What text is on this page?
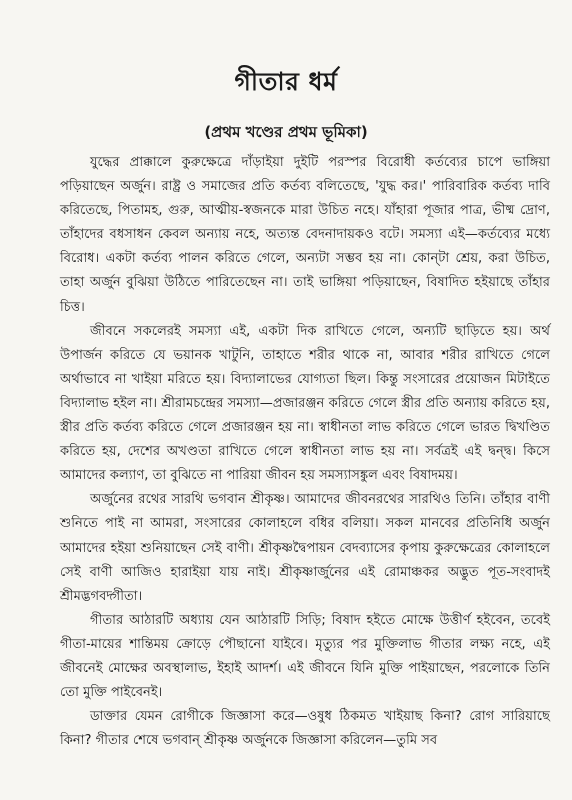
গীতার ধর্ম
(প্রথম খণ্ডের প্রথম ভূমিকা)

যুদ্ধের প্রাক্কালে কুরুক্ষেত্রে দাঁড়াইয়া দুইটি পরস্পর বিরোধী কর্তব্যের চাপে ভাঙ্গিয়া পড়িয়াছেন অর্জুন। রাষ্ট্র ও সমাজের প্রতি কর্তব্য বলিতেছে, 'যুদ্ধ কর।' পারিবারিক কর্তব্য দাবি করিতেছে, পিতামহ, গুরু, আত্মীয়-স্বজনকে মারা উচিত নহে। যাঁহারা পূজার পাত্র, ভীষ্ম দ্রোণ, তাঁহাদের বধসাধন কেবল অন্যায় নহে, অত্যন্ত বেদনাদায়কও বটে। সমস্যা এই—কর্তব্যের মধ্যে বিরোধ। একটা কর্তব্য পালন করিতে গেলে, অন্যটা সম্ভব হয় না। কোন্‌টা শ্রেয়, করা উচিত, তাহা অর্জুন বুঝিয়া উঠিতে পারিতেছেন না। তাই ভাঙ্গিয়া পড়িয়াছেন, বিষাদিত হইয়াছে তাঁহার চিত্ত।

জীবনে সকলেরই সমস্যা এই, একটা দিক রাখিতে গেলে, অন্যটি ছাড়িতে হয়। অর্থ উপার্জন করিতে যে ভয়ানক খাটুনি, তাহাতে শরীর থাকে না, আবার শরীর রাখিতে গেলে অর্থাভাবে না খাইয়া মরিতে হয়। বিদ্যালাভের যোগ্যতা ছিল। কিন্তু সংসারের প্রয়োজন মিটাইতে বিদ্যালাভ হইল না। শ্রীরামচন্দ্রের সমস্যা—প্রজারঞ্জন করিতে গেলে স্ত্রীর প্রতি অন্যায় করিতে হয়, স্ত্রীর প্রতি কর্তব্য করিতে গেলে প্রজারঞ্জন হয় না। স্বাধীনতা লাভ করিতে গেলে ভারত দ্বিখণ্ডিত করিতে হয়, দেশের অখণ্ডতা রাখিতে গেলে স্বাধীনতা লাভ হয় না। সর্বত্রই এই দ্বন্দ্ব। কিসে আমাদের কল্যাণ, তা বুঝিতে না পারিয়া জীবন হয় সমস্যাসঙ্কুল এবং বিষাদময়।

অর্জুনের রথের সারথি ভগবান শ্রীকৃষ্ণ। আমাদের জীবনরথের সারথিও তিনি। তাঁহার বাণী শুনিতে পাই না আমরা, সংসারের কোলাহলে বধির বলিয়া। সকল মানবের প্রতিনিধি অর্জুন আমাদের হইয়া শুনিয়াছেন সেই বাণী। শ্রীকৃষ্ণদ্বৈপায়ন বেদব্যাসের কৃপায় কুরুক্ষেত্রের কোলাহলে সেই বাণী আজিও হারাইয়া যায় নাই। শ্রীকৃষ্ণার্জুনের এই রোমাঞ্চকর অদ্ভুত পূত-সংবাদই শ্রীমদ্ভগবদ্গীতা।

গীতার আঠারটি অধ্যায় যেন আঠারটি সিড়ি; বিষাদ হইতে মোক্ষে উত্তীর্ণ হইবেন, তবেই গীতা-মায়ের শান্তিময় ক্রোড়ে পৌছানো যাইবে। মৃত্যুর পর মুক্তিলাভ গীতার লক্ষ্য নহে, এই জীবনেই মোক্ষের অবস্থালাভ, ইহাই আদর্শ। এই জীবনে যিনি মুক্তি পাইয়াছেন, পরলোকে তিনি তো মুক্তি পাইবেনই।

ডাক্তার যেমন রোগীকে জিজ্ঞাসা করে—ওষুধ ঠিকমত খাইয়াছ কিনা? রোগ সারিয়াছে কিনা? গীতার শেষে ভগবান্ শ্রীকৃষ্ণ অর্জুনকে জিজ্ঞাসা করিলেন—তুমি সব
